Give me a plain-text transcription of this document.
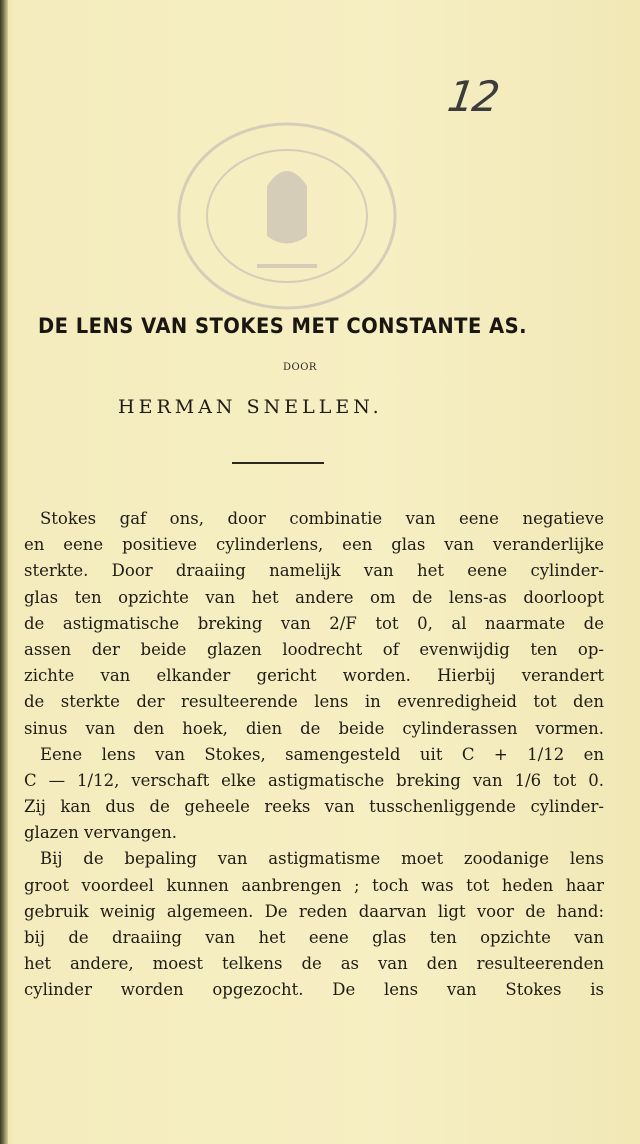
12
DE LENS VAN STOKES MET CONSTANTE AS.
DOOR
HERMAN SNELLEN.
Stokes gaf ons, door combinatie van eene negatieve
en eene positieve cylinderlens, een glas van veranderlijke
sterkte. Door draaiing namelijk van het eene cylinder-
glas ten opzichte van het andere om de lens-as doorloopt
de astigmatische breking van 2/F tot 0, al naarmate de
assen der beide glazen loodrecht of evenwijdig ten op-
zichte van elkander gericht worden. Hierbij verandert
de sterkte der resulteerende lens in evenredigheid tot den
sinus van den hoek, dien de beide cylinderassen vormen.
Eene lens van Stokes, samengesteld uit C + 1/12 en
C — 1/12, verschaft elke astigmatische breking van 1/6 tot 0.
Zij kan dus de geheele reeks van tusschenliggende cylinder-
glazen vervangen.
Bij de bepaling van astigmatisme moet zoodanige lens
groot voordeel kunnen aanbrengen ; toch was tot heden haar
gebruik weinig algemeen. De reden daarvan ligt voor de hand:
bij de draaiing van het eene glas ten opzichte van
het andere, moest telkens de as van den resulteerenden
cylinder worden opgezocht. De lens van Stokes is
